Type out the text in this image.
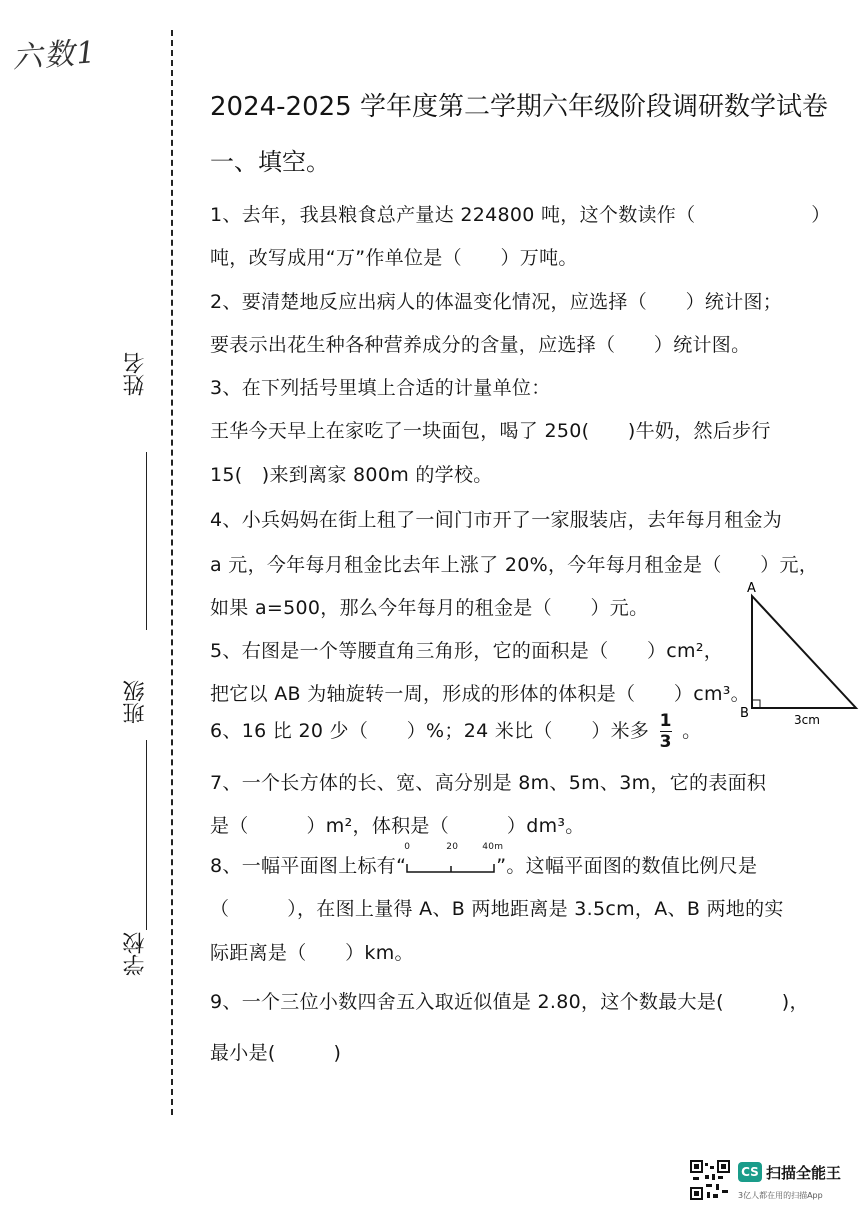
六数1
姓名
班级
学校
2024-2025 学年度第二学期六年级阶段调研数学试卷
一、填空。
1、去年，我县粮食总产量达 224800 吨，这个数读作（　　　　　　）
吨，改写成用“万”作单位是（　　）万吨。
2、要清楚地反应出病人的体温变化情况，应选择（　　）统计图；
要表示出花生种各种营养成分的含量，应选择（　　）统计图。
3、在下列括号里填上合适的计量单位：
王华今天早上在家吃了一块面包，喝了 250(　　)牛奶，然后步行
15(　)来到离家 800m 的学校。
4、小兵妈妈在街上租了一间门市开了一家服装店，去年每月租金为
a 元，今年每月租金比去年上涨了 20%，今年每月租金是（　　）元，
如果 a=500，那么今年每月的租金是（　　）元。
5、右图是一个等腰直角三角形，它的面积是（　　）cm²，
把它以 AB 为轴旋转一周，形成的形体的体积是（　　）cm³。
6、16 比 20 少（　　）%；24 米比（　　）米多 $\frac{1}{3}$ 。
7、一个长方体的长、宽、高分别是 8m、5m、3m，它的表面积
是（　　　）m²，体积是（　　　）dm³。
8、一幅平面图上标有“
0	20	40m
”。这幅平面图的数值比例尺是
（　　　），在图上量得 A、B 两地距离是 3.5cm，A、B 两地的实
际距离是（　　）km。
9、一个三位小数四舍五入取近似值是 2.80，这个数最大是(　　　)，
最小是(　　　)
A
B	3cm
CS 扫描全能王
3亿人都在用的扫描App
